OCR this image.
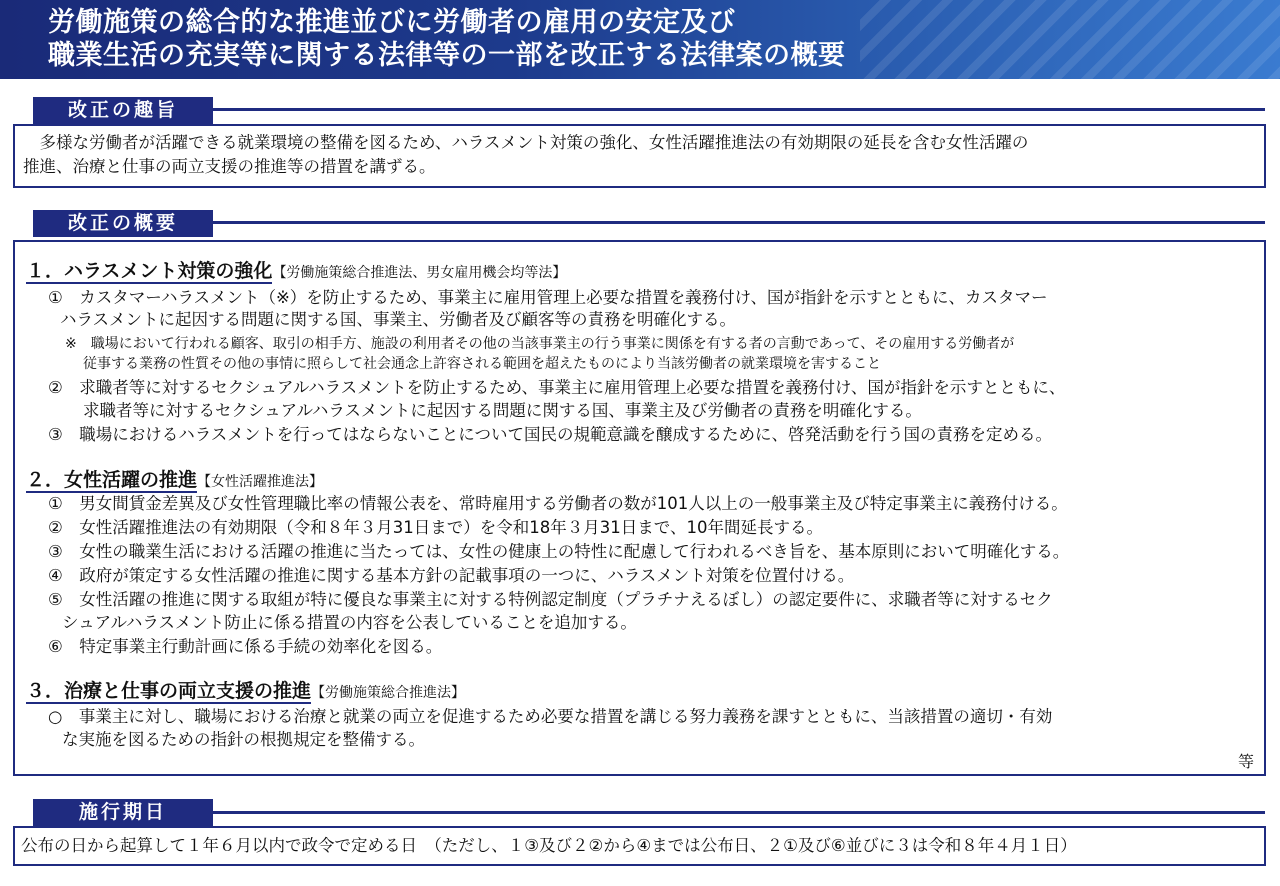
労働施策の総合的な推進並びに労働者の雇用の安定及び
職業生活の充実等に関する法律等の一部を改正する法律案の概要
改正の趣旨
　多様な労働者が活躍できる就業環境の整備を図るため、ハラスメント対策の強化、女性活躍推進法の有効期限の延長を含む女性活躍の
推進、治療と仕事の両立支援の推進等の措置を講ずる。
改正の概要
１．ハラスメント対策の強化【労働施策総合推進法、男女雇用機会均等法】
①　カスタマーハラスメント（※）を防止するため、事業主に雇用管理上必要な措置を義務付け、国が指針を示すとともに、カスタマー
ハラスメントに起因する問題に関する国、事業主、労働者及び顧客等の責務を明確化する。
※　職場において行われる顧客、取引の相手方、施設の利用者その他の当該事業主の行う事業に関係を有する者の言動であって、その雇用する労働者が
従事する業務の性質その他の事情に照らして社会通念上許容される範囲を超えたものにより当該労働者の就業環境を害すること
②　求職者等に対するセクシュアルハラスメントを防止するため、事業主に雇用管理上必要な措置を義務付け、国が指針を示すとともに、
求職者等に対するセクシュアルハラスメントに起因する問題に関する国、事業主及び労働者の責務を明確化する。
③　職場におけるハラスメントを行ってはならないことについて国民の規範意識を醸成するために、啓発活動を行う国の責務を定める。
２．女性活躍の推進【女性活躍推進法】
①　男女間賃金差異及び女性管理職比率の情報公表を、常時雇用する労働者の数が101人以上の一般事業主及び特定事業主に義務付ける。
②　女性活躍推進法の有効期限（令和８年３月31日まで）を令和18年３月31日まで、10年間延長する。
③　女性の職業生活における活躍の推進に当たっては、女性の健康上の特性に配慮して行われるべき旨を、基本原則において明確化する。
④　政府が策定する女性活躍の推進に関する基本方針の記載事項の一つに、ハラスメント対策を位置付ける。
⑤　女性活躍の推進に関する取組が特に優良な事業主に対する特例認定制度（プラチナえるぼし）の認定要件に、求職者等に対するセク
シュアルハラスメント防止に係る措置の内容を公表していることを追加する。
⑥　特定事業主行動計画に係る手続の効率化を図る。
３．治療と仕事の両立支援の推進【労働施策総合推進法】
○　事業主に対し、職場における治療と就業の両立を促進するため必要な措置を講じる努力義務を課すとともに、当該措置の適切・有効
な実施を図るための指針の根拠規定を整備する。
等
施行期日
公布の日から起算して１年６月以内で政令で定める日　（ただし、１③及び２②から④までは公布日、２①及び⑥並びに３は令和８年４月１日）
